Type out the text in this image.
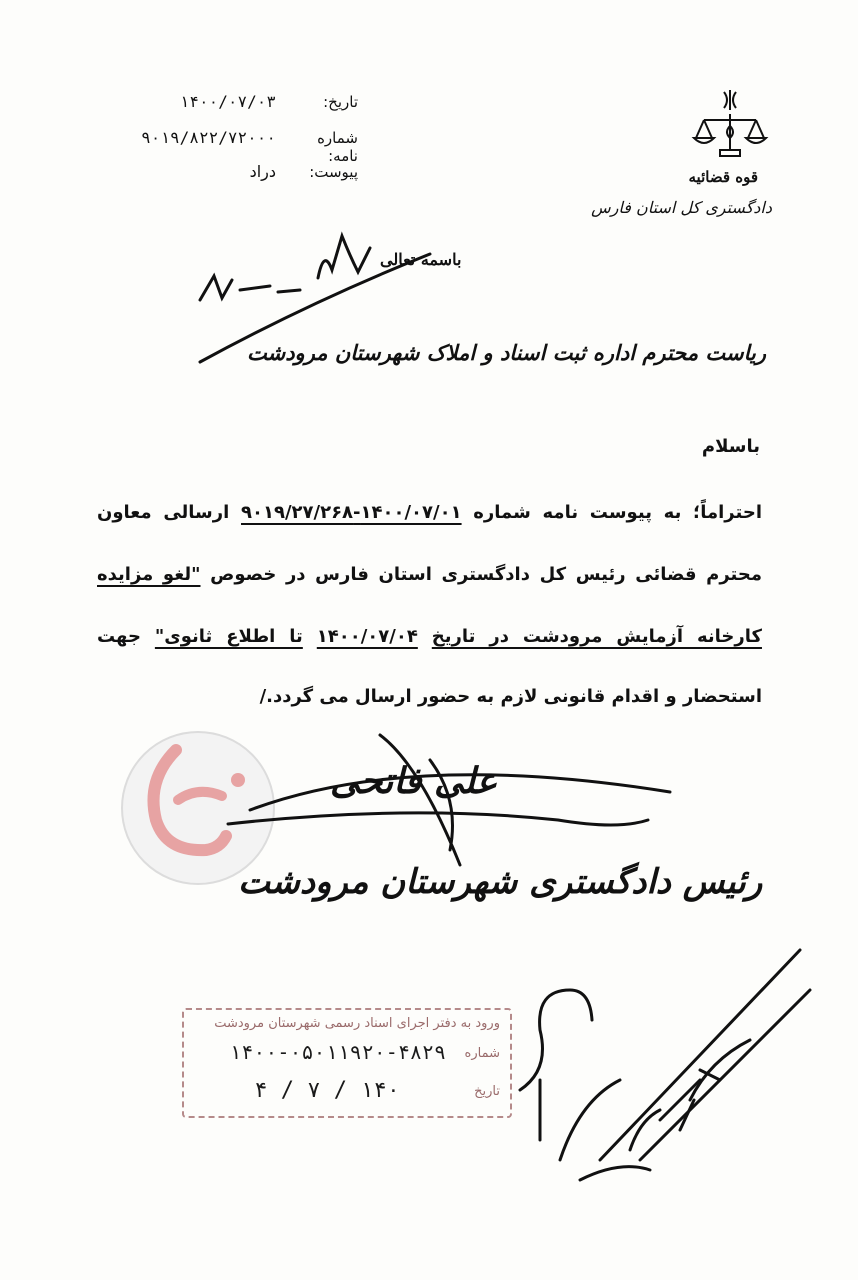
قوه قضائیه
دادگستری کل استان فارس
تاریخ:
۱۴۰۰/۰۷/۰۳
شماره نامه:
۹۰۱۹/۸۲۲/۷۲۰۰۰
پیوست:
دراد
باسمه تعالی
ریاست محترم اداره ثبت اسناد و املاک شهرستان مرودشت
باسلام
احتراماً؛ به پیوست نامه شماره ۱۴۰۰/۰۷/۰۱-۹۰۱۹/۲۷/۲۶۸ ارسالی معاون
محترم قضائی رئیس کل دادگستری استان فارس در خصوص "لغو مزایده
کارخانه آزمایش مرودشت در تاریخ ۱۴۰۰/۰۷/۰۴ تا اطلاع ثانوی" جهت
استحضار و اقدام قانونی لازم به حضور ارسال می گردد./
علی فاتحی
رئیس دادگستری شهرستان مرودشت
ورود به دفتر اجرای اسناد رسمی شهرستان مرودشت
شماره
۱۴۰۰-۰۵۰۱۱۹۲۰-۴۸۲۹
تاریخ
۱۴۰ / ۷ / ۴
